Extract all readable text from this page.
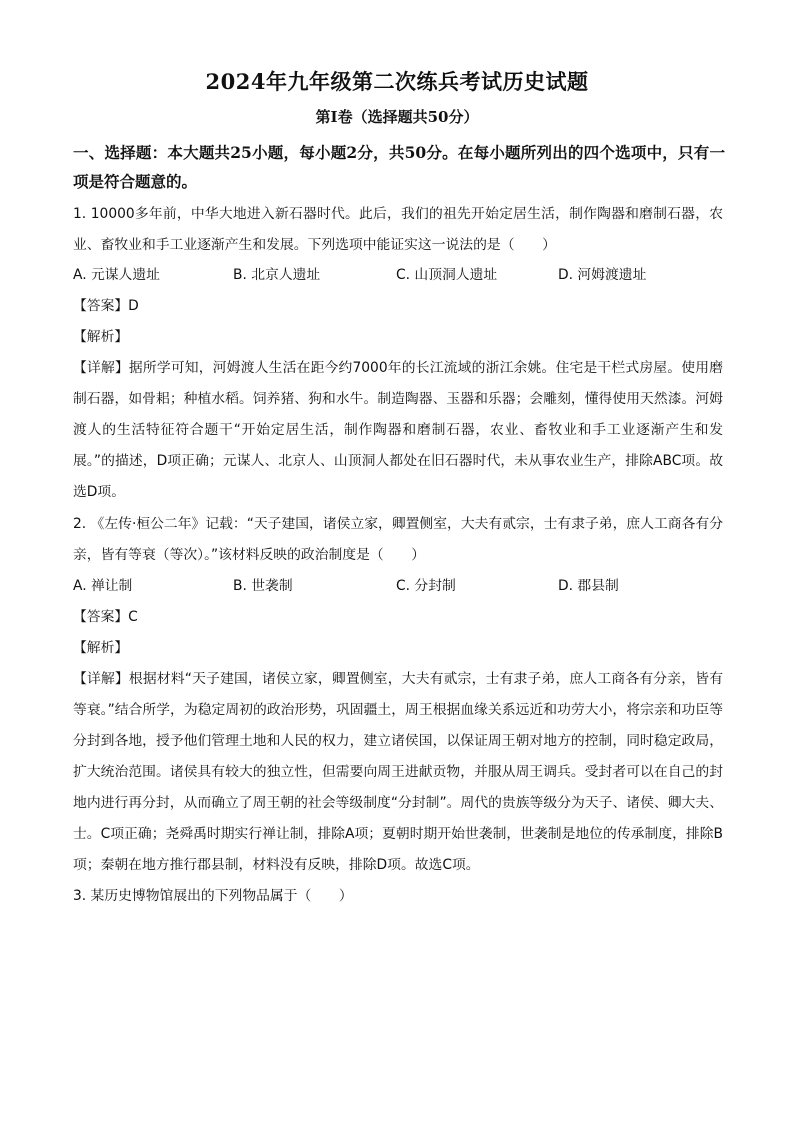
2024年九年级第二次练兵考试历史试题
第Ⅰ卷（选择题共50分）
一、选择题：本大题共25小题，每小题2分，共50分。在每小题所列出的四个选项中，只有一项是符合题意的。
1. 10000多年前，中华大地进入新石器时代。此后，我们的祖先开始定居生活，制作陶器和磨制石器，农业、畜牧业和手工业逐渐产生和发展。下列选项中能证实这一说法的是（　　）
A. 元谋人遗址	B. 北京人遗址	C. 山顶洞人遗址	D. 河姆渡遗址
【答案】D
【解析】
【详解】据所学可知，河姆渡人生活在距今约7000年的长江流域的浙江余姚。住宅是干栏式房屋。使用磨制石器，如骨耜；种植水稻。饲养猪、狗和水牛。制造陶器、玉器和乐器；会雕刻，懂得使用天然漆。河姆渡人的生活特征符合题干“开始定居生活，制作陶器和磨制石器，农业、畜牧业和手工业逐渐产生和发展。”的描述，D项正确；元谋人、北京人、山顶洞人都处在旧石器时代，未从事农业生产，排除ABC项。故选D项。
2. 《左传·桓公二年》记载：“天子建国，诸侯立家，卿置侧室，大夫有贰宗，士有隶子弟，庶人工商各有分亲，皆有等衰（等次）。”该材料反映的政治制度是（　　）
A. 禅让制	B. 世袭制	C. 分封制	D. 郡县制
【答案】C
【解析】
【详解】根据材料“天子建国，诸侯立家，卿置侧室，大夫有贰宗，士有隶子弟，庶人工商各有分亲，皆有等衰。”结合所学，为稳定周初的政治形势，巩固疆土，周王根据血缘关系远近和功劳大小，将宗亲和功臣等分封到各地，授予他们管理土地和人民的权力，建立诸侯国，以保证周王朝对地方的控制，同时稳定政局，扩大统治范围。诸侯具有较大的独立性，但需要向周王进献贡物，并服从周王调兵。受封者可以在自己的封地内进行再分封，从而确立了周王朝的社会等级制度“分封制”。周代的贵族等级分为天子、诸侯、卿大夫、士。C项正确；尧舜禹时期实行禅让制，排除A项；夏朝时期开始世袭制，世袭制是地位的传承制度，排除B项；秦朝在地方推行郡县制，材料没有反映，排除D项。故选C项。
3. 某历史博物馆展出的下列物品属于（　　）
